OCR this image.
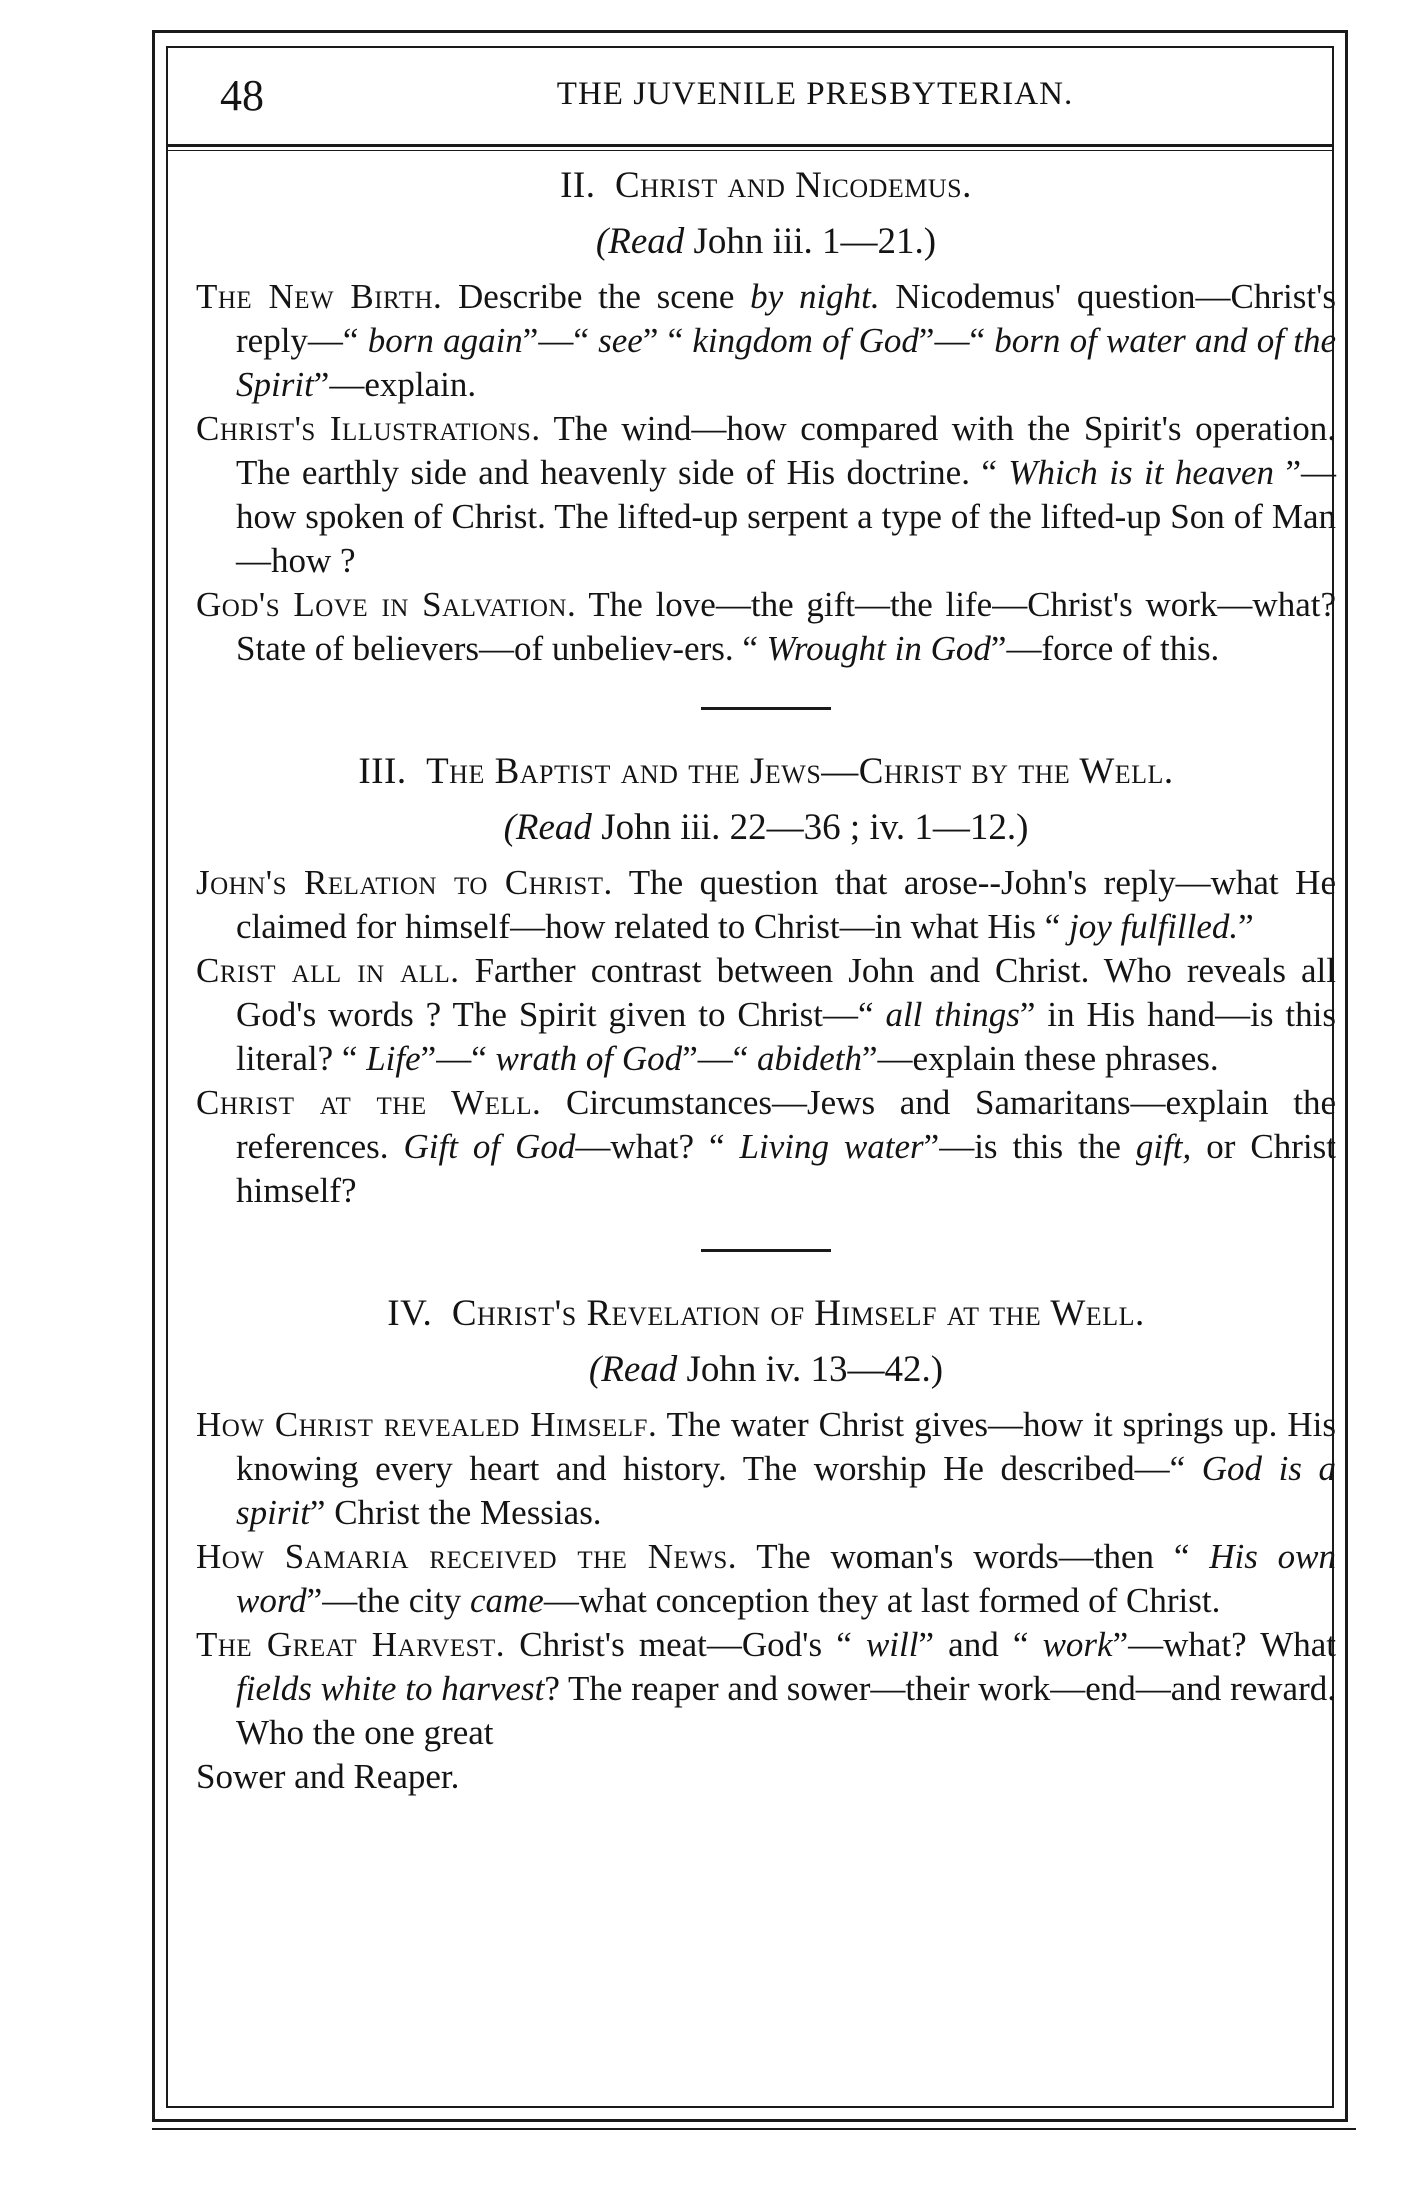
48	THE JUVENILE PRESBYTERIAN.

II. Christ and Nicodemus.

(Read John iii. 1—21.)

The New Birth. Describe the scene by night. Nicodemus' question—Christ's reply—“ born again”—“ see” “ kingdom of God”—“ born of water and of the Spirit”—explain.

Christ's Illustrations. The wind—how compared with the Spirit's operation. The earthly side and heavenly side of His doctrine. “ Which is it heaven ”—how spoken of Christ. The lifted-up serpent a type of the lifted-up Son of Man—how ?

God's Love in Salvation. The love—the gift—the life—Christ's work—what? State of believers—of unbeliev-ers. “ Wrought in God”—force of this.

III. The Baptist and the Jews—Christ by the Well.

(Read John iii. 22—36 ; iv. 1—12.)

John's Relation to Christ. The question that arose--John's reply—what He claimed for himself—how related to Christ—in what His “ joy fulfilled.”

Crist all in all. Farther contrast between John and Christ. Who reveals all God's words ? The Spirit given to Christ—“ all things” in His hand—is this literal? “ Life”—“ wrath of God”—“ abideth”—explain these phrases.

Christ at the Well. Circumstances—Jews and Samaritans—explain the references. Gift of God—what? “ Living water”—is this the gift, or Christ himself?

IV. Christ's Revelation of Himself at the Well.

(Read John iv. 13—42.)

How Christ revealed Himself. The water Christ gives—how it springs up. His knowing every heart and history. The worship He described—“ God is a spirit” Christ the Messias.

How Samaria received the News. The woman's words—then “ His own word”—the city came—what conception they at last formed of Christ.

The Great Harvest. Christ's meat—God's “ will” and “ work”—what? What fields white to harvest? The reaper and sower—their work—end—and reward. Who the one great

Sower and Reaper.
